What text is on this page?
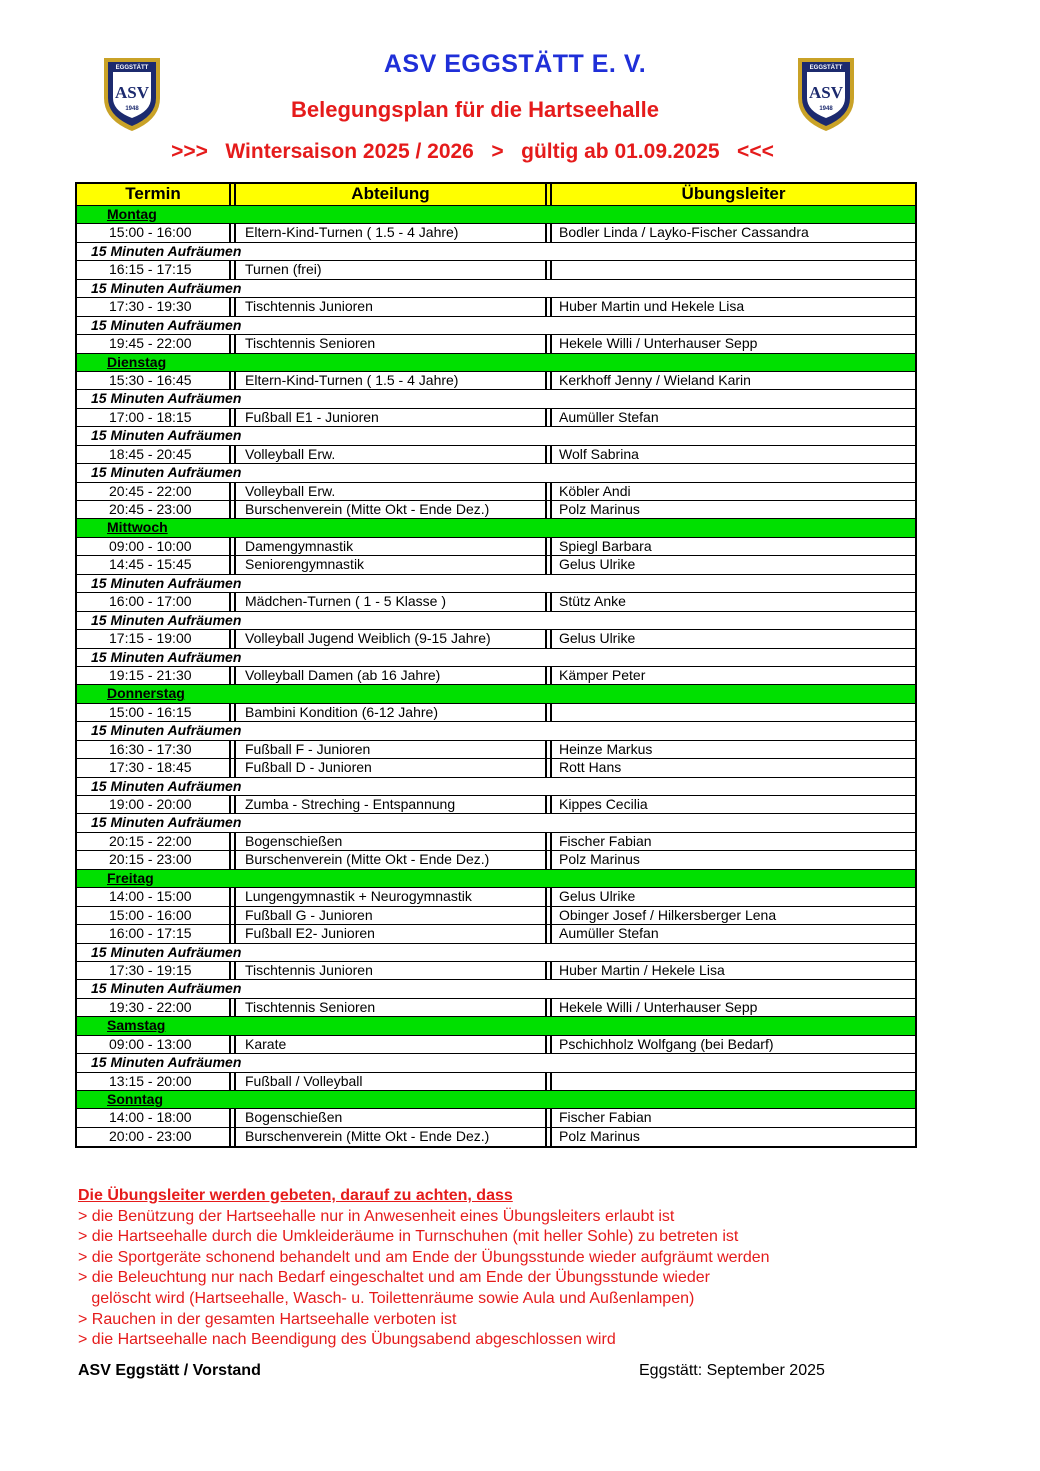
EGGSTÄTT
ASV
1948
EGGSTÄTT
ASV
1948
ASV EGGSTÄTT E. V.
Belegungsplan für die Hartseehalle
>>>   Wintersaison 2025 / 2026   >   gültig ab 01.09.2025   <<<
Termin	Abteilung	Übungsleiter
Montag
15:00 - 16:00	Eltern-Kind-Turnen ( 1.5 - 4 Jahre)	Bodler Linda / Layko-Fischer Cassandra
15 Minuten Aufräumen
16:15 - 17:15	Turnen (frei)
15 Minuten Aufräumen
17:30 - 19:30	Tischtennis Junioren	Huber Martin und Hekele Lisa
15 Minuten Aufräumen
19:45 - 22:00	Tischtennis Senioren	Hekele Willi / Unterhauser Sepp
Dienstag
15:30 - 16:45	Eltern-Kind-Turnen ( 1.5 - 4 Jahre)	Kerkhoff Jenny / Wieland Karin
15 Minuten Aufräumen
17:00 - 18:15	Fußball E1 - Junioren	Aumüller Stefan
15 Minuten Aufräumen
18:45 - 20:45	Volleyball Erw.	Wolf Sabrina
15 Minuten Aufräumen
20:45 - 22:00	Volleyball Erw.	Köbler Andi
20:45 - 23:00	Burschenverein (Mitte Okt - Ende Dez.)	Polz Marinus
Mittwoch
09:00 - 10:00	Damengymnastik	Spiegl Barbara
14:45 - 15:45	Seniorengymnastik	Gelus Ulrike
15 Minuten Aufräumen
16:00 - 17:00	Mädchen-Turnen ( 1 - 5 Klasse )	Stütz Anke
15 Minuten Aufräumen
17:15 - 19:00	Volleyball Jugend Weiblich (9-15 Jahre)	Gelus Ulrike
15 Minuten Aufräumen
19:15 - 21:30	Volleyball Damen (ab 16 Jahre)	Kämper Peter
Donnerstag
15:00 - 16:15	Bambini Kondition (6-12 Jahre)
15 Minuten Aufräumen
16:30 - 17:30	Fußball F - Junioren	Heinze Markus
17:30 - 18:45	Fußball D - Junioren	Rott Hans
15 Minuten Aufräumen
19:00 - 20:00	Zumba - Streching - Entspannung	Kippes Cecilia
15 Minuten Aufräumen
20:15 - 22:00	Bogenschießen	Fischer Fabian
20:15 - 23:00	Burschenverein (Mitte Okt - Ende Dez.)	Polz Marinus
Freitag
14:00 - 15:00	Lungengymnastik + Neurogymnastik	Gelus Ulrike
15:00 - 16:00	Fußball G - Junioren	Obinger Josef / Hilkersberger Lena
16:00 - 17:15	Fußball E2- Junioren	Aumüller Stefan
15 Minuten Aufräumen
17:30 - 19:15	Tischtennis Junioren	Huber Martin / Hekele Lisa
15 Minuten Aufräumen
19:30 - 22:00	Tischtennis Senioren	Hekele Willi / Unterhauser Sepp
Samstag
09:00 - 13:00	Karate	Pschichholz Wolfgang (bei Bedarf)
15 Minuten Aufräumen
13:15 - 20:00	Fußball / Volleyball
Sonntag
14:00 - 18:00	Bogenschießen	Fischer Fabian
20:00 - 23:00	Burschenverein (Mitte Okt - Ende Dez.)	Polz Marinus
Die Übungsleiter werden gebeten, darauf zu achten, dass
> die Benützung der Hartseehalle nur in Anwesenheit eines Übungsleiters erlaubt ist
> die Hartseehalle durch die Umkleideräume in Turnschuhen (mit heller Sohle) zu betreten ist
> die Sportgeräte schonend behandelt und am Ende der Übungsstunde wieder aufgräumt werden
> die Beleuchtung nur nach Bedarf eingeschaltet und am Ende der Übungsstunde wieder
gelöscht wird (Hartseehalle, Wasch- u. Toilettenräume sowie Aula und Außenlampen)
> Rauchen in der gesamten Hartseehalle verboten ist
> die Hartseehalle nach Beendigung des Übungsabend abgeschlossen wird
ASV Eggstätt / Vorstand	Eggstätt: September 2025
